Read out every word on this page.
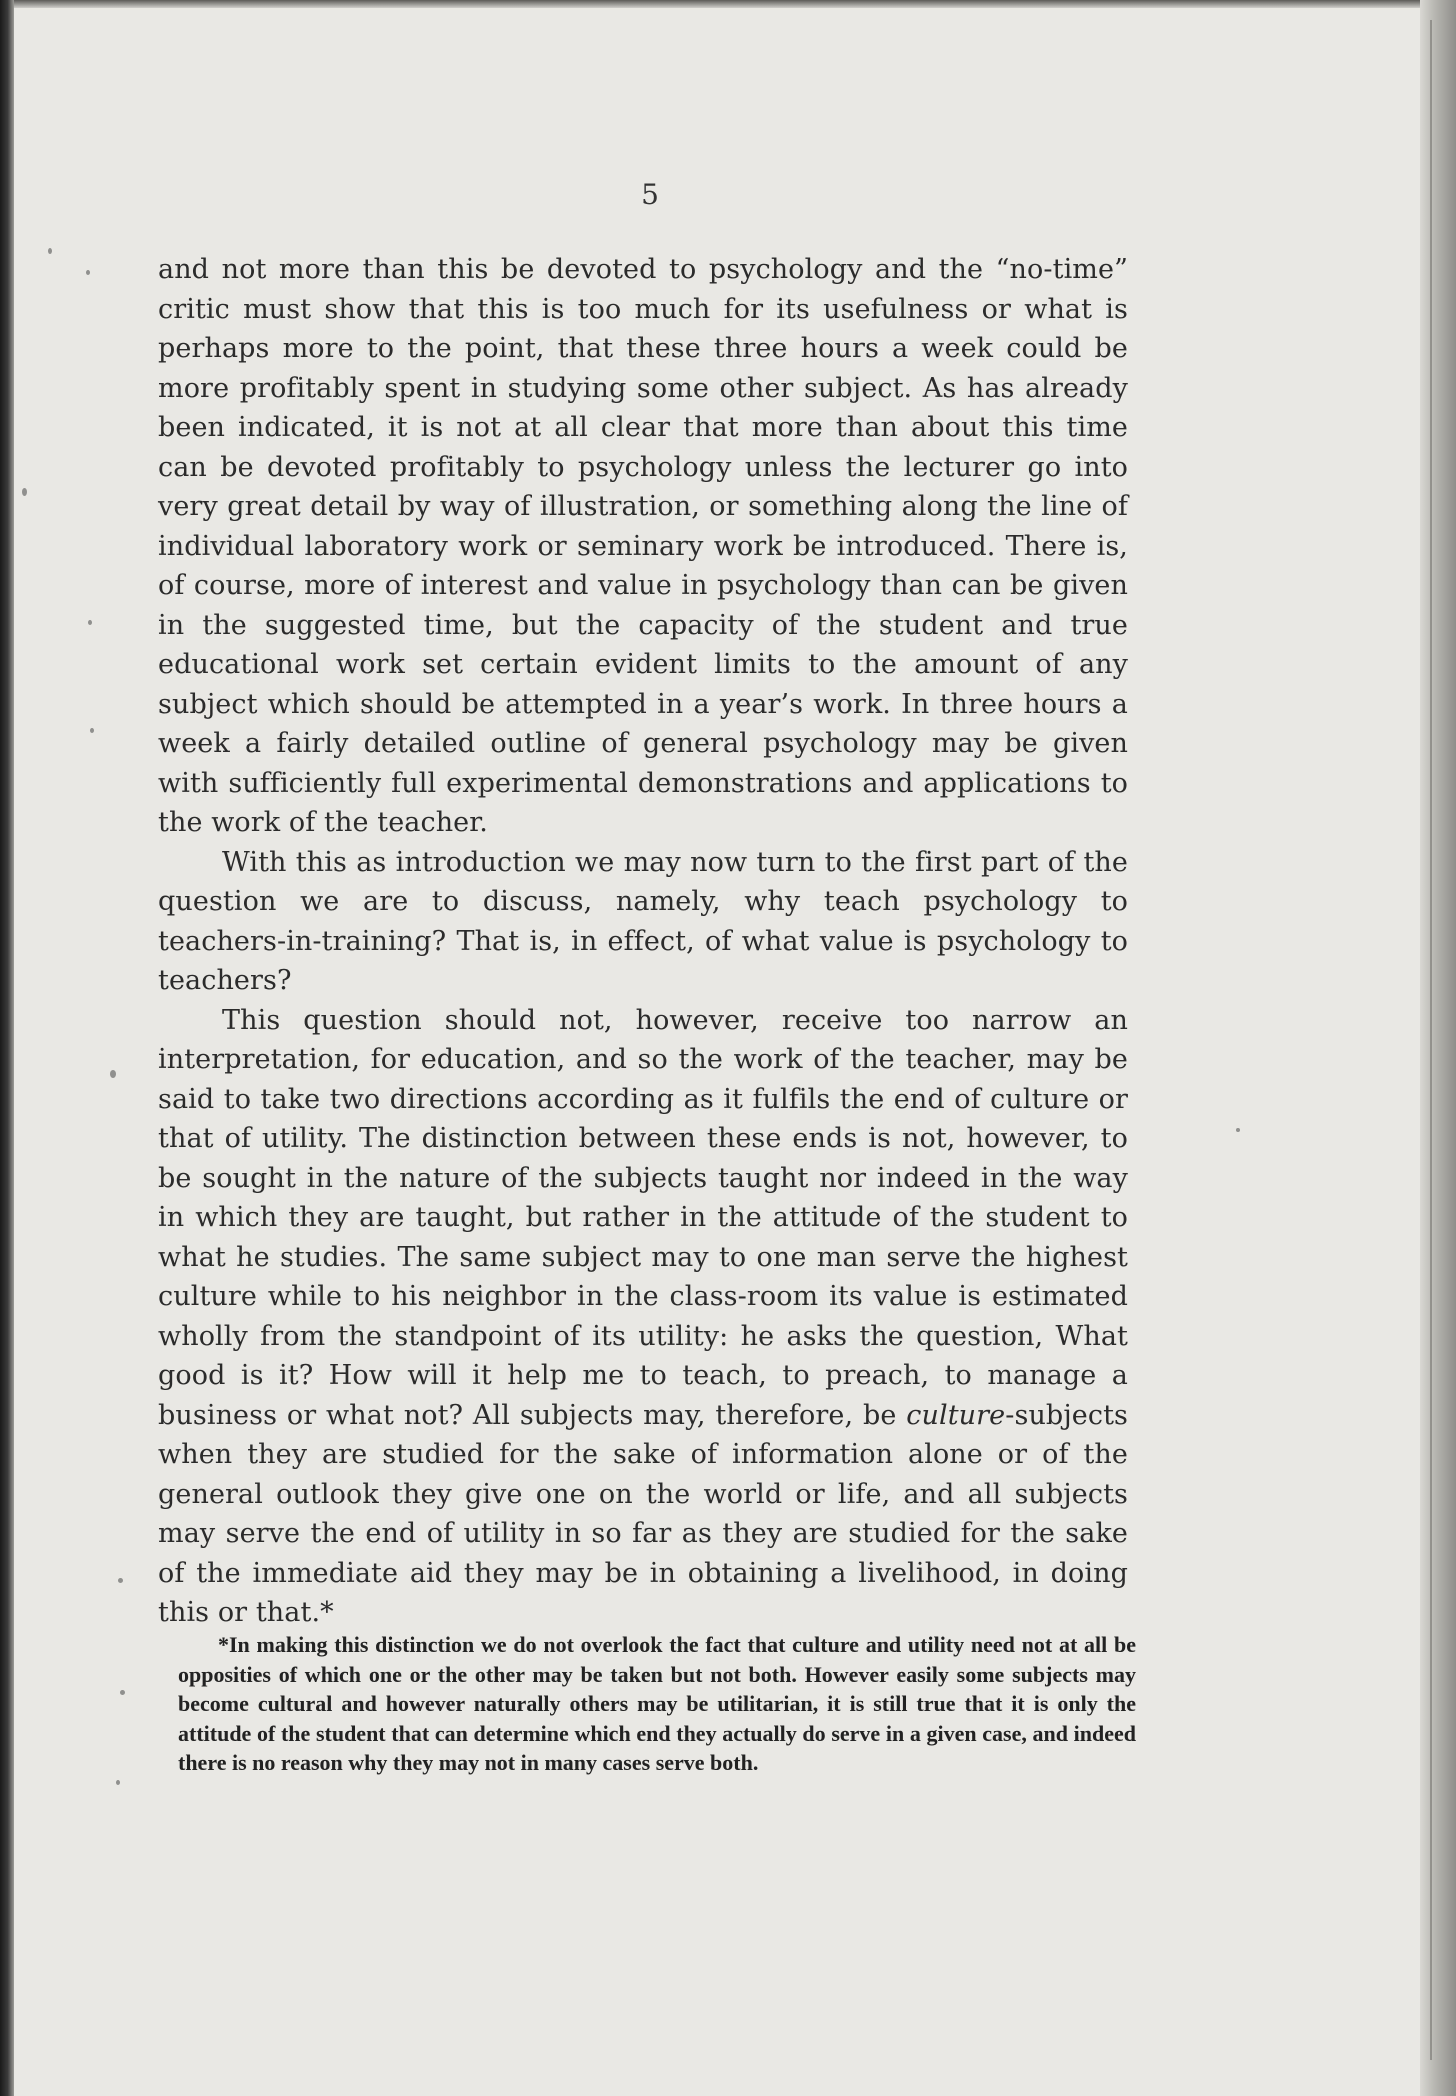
5

and not more than this be devoted to psychology and the “no-time” critic must show that this is too much for its usefulness or what is perhaps more to the point, that these three hours a week could be more profitably spent in studying some other subject. As has already been indicated, it is not at all clear that more than about this time can be devoted profitably to psychology unless the lecturer go into very great detail by way of illustration, or something along the line of individual laboratory work or seminary work be introduced. There is, of course, more of interest and value in psychology than can be given in the suggested time, but the capacity of the student and true educational work set certain evident limits to the amount of any subject which should be attempted in a year’s work. In three hours a week a fairly detailed outline of general psychology may be given with sufficiently full experimental demonstrations and applications to the work of the teacher.

With this as introduction we may now turn to the first part of the question we are to discuss, namely, why teach psychology to teachers-in-training? That is, in effect, of what value is psychology to teachers?

This question should not, however, receive too narrow an interpretation, for education, and so the work of the teacher, may be said to take two directions according as it fulfils the end of culture or that of utility. The distinction between these ends is not, however, to be sought in the nature of the subjects taught nor indeed in the way in which they are taught, but rather in the attitude of the student to what he studies. The same subject may to one man serve the highest culture while to his neighbor in the class-room its value is estimated wholly from the standpoint of its utility: he asks the question, What good is it? How will it help me to teach, to preach, to manage a business or what not? All subjects may, therefore, be culture-subjects when they are studied for the sake of information alone or of the general outlook they give one on the world or life, and all subjects may serve the end of utility in so far as they are studied for the sake of the immediate aid they may be in obtaining a livelihood, in doing this or that.*

*In making this distinction we do not overlook the fact that culture and utility need not at all be opposities of which one or the other may be taken but not both. However easily some subjects may become cultural and however naturally others may be utilitarian, it is still true that it is only the attitude of the student that can determine which end they actually do serve in a given case, and indeed there is no reason why they may not in many cases serve both.
